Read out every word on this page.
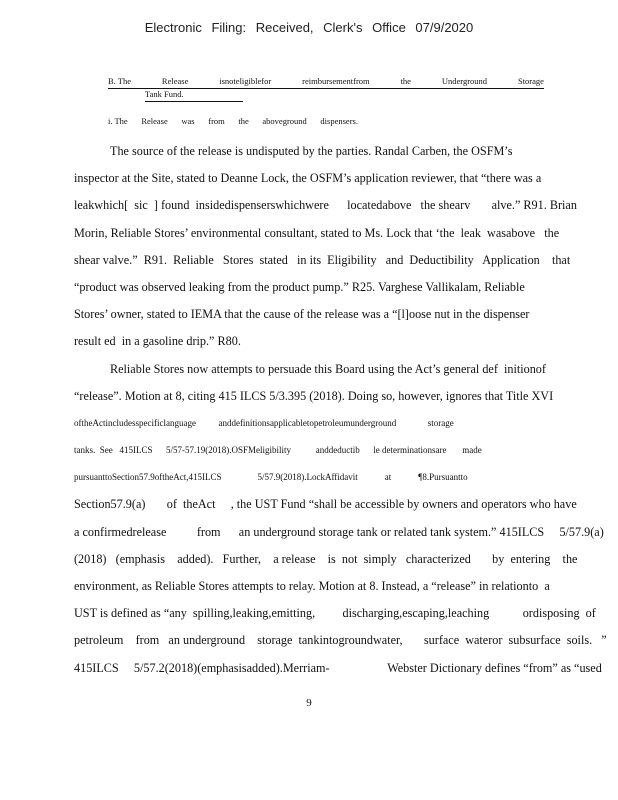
Electronic Filing: Received, Clerk's Office 07/9/2020
B. The	Release	isnoteligiblefor	reimbursementfrom	the	Underground	Storage
Tank Fund.
i. The Release was from the aboveground dispensers.
The source of the release is undisputed by the parties. Randal Carben, the OSFM’s
inspector at the Site, stated to Deanne Lock, the OSFM’s application reviewer, that “there was a
leakwhich[  sic  ] found  insidedispenserswhichwere      locatedabove   the shearv       alve.” R91. Brian
Morin, Reliable Stores’ environmental consultant, stated to Ms. Lock that ‘the  leak  wasabove   the
shear valve.”  R91.  Reliable   Stores  stated   in its  Eligibility   and  Deductibility   Application    that
“product was observed leaking from the product pump.” R25. Varghese Vallikalam, Reliable
Stores’ owner, stated to IEMA that the cause of the release was a “[l]oose nut in the dispenser
result ed  in a gasoline drip.” R80.
Reliable Stores now attempts to persuade this Board using the Act’s general def  initionof
“release”. Motion at 8, citing 415 ILCS 5/3.395 (2018). Doing so, however, ignores that Title XVI
oftheActincludesspecificlanguage          anddefinitionsapplicabletopetroleumunderground              storage
tanks.  See   415ILCS      5/57-57.19(2018).OSFMeligibility           anddeductib      le determinationsare       made
pursuanttoSection57.9oftheAct,415ILCS                5/57.9(2018).LockAffidavit            at            ¶8.Pursuantto
Section57.9(a)       of  theAct     , the UST Fund “shall be accessible by owners and operators who have
a confirmedrelease          from      an underground storage tank or related tank system.” 415ILCS     5/57.9(a)
(2018)   (emphasis    added).   Further,    a release    is  not  simply   characterized       by  entering    the
environment, as Reliable Stores attempts to relay. Motion at 8. Instead, a “release” in relationto  a
UST is defined as “any  spilling,leaking,emitting,         discharging,escaping,leaching           ordisposing  of
petroleum    from   an underground    storage  tankintogroundwater,       surface  wateror  subsurface  soils.   ”
415ILCS     5/57.2(2018)(emphasisadded).Merriam-                   Webster Dictionary defines “from” as “used
9
